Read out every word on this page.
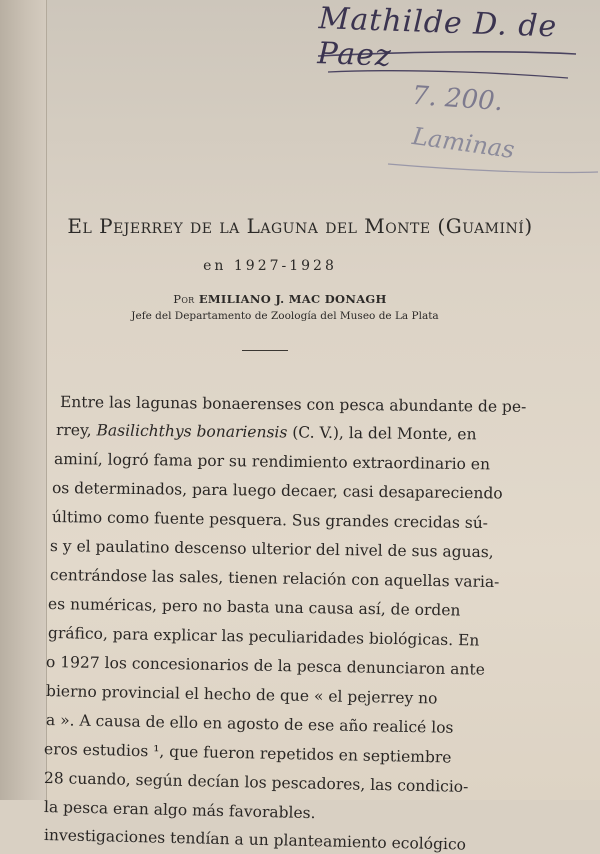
Mathilde D. de Paez
7. 200.
Laminas
El Pejerrey de la Laguna del Monte (Guaminí)
en 1927-1928
Por EMILIANO J. MAC DONAGH
Jefe del Departamento de Zoología del Museo de La Plata
Entre las lagunas bonaerenses con pesca abundante de pe-
rrey, Basilichthys bonariensis (C. V.), la del Monte, en
aminí, logró fama por su rendimiento extraordinario en
os determinados, para luego decaer, casi desapareciendo
último como fuente pesquera. Sus grandes crecidas sú-
s y el paulatino descenso ulterior del nivel de sus aguas,
centrándose las sales, tienen relación con aquellas varia-
es numéricas, pero no basta una causa así, de orden
gráfico, para explicar las peculiaridades biológicas. En
o 1927 los concesionarios de la pesca denunciaron ante
bierno provincial el hecho de que « el pejerrey no
a ». A causa de ello en agosto de ese año realicé los
eros estudios ¹, que fueron repetidos en septiembre
28 cuando, según decían los pescadores, las condicio-
la pesca eran algo más favorables.
investigaciones tendían a un planteamiento ecológico
